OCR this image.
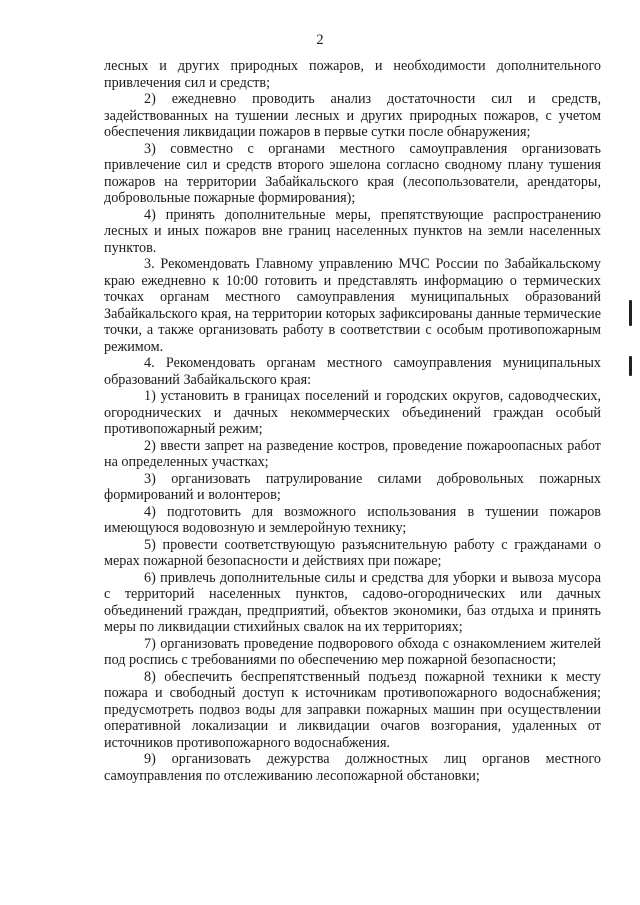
2

лесных и других природных пожаров, и необходимости дополнительного привлечения сил и средств;

2) ежедневно проводить анализ достаточности сил и средств, задействованных на тушении лесных и других природных пожаров, с учетом обеспечения ликвидации пожаров в первые сутки после обнаружения;

3) совместно с органами местного самоуправления организовать привлечение сил и средств второго эшелона согласно сводному плану тушения пожаров на территории Забайкальского края (лесопользователи, арендаторы, добровольные пожарные формирования);

4) принять дополнительные меры, препятствующие распространению лесных и иных пожаров вне границ населенных пунктов на земли населенных пунктов.

3. Рекомендовать Главному управлению МЧС России по Забайкальскому краю ежедневно к 10:00 готовить и представлять информацию о термических точках органам местного самоуправления муниципальных образований Забайкальского края, на территории которых зафиксированы данные термические точки, а также организовать работу в соответствии с особым противопожарным режимом.

4. Рекомендовать органам местного самоуправления муниципальных образований Забайкальского края:

1) установить в границах поселений и городских округов, садоводческих, огороднических и дачных некоммерческих объединений граждан особый противопожарный режим;

2) ввести запрет на разведение костров, проведение пожароопасных работ на определенных участках;

3) организовать патрулирование силами добровольных пожарных формирований и волонтеров;

4) подготовить для возможного использования в тушении пожаров имеющуюся водовозную и землеройную технику;

5) провести соответствующую разъяснительную работу с гражданами о мерах пожарной безопасности и действиях при пожаре;

6) привлечь дополнительные силы и средства для уборки и вывоза мусора с территорий населенных пунктов, садово-огороднических или дачных объединений граждан, предприятий, объектов экономики, баз отдыха и принять меры по ликвидации стихийных свалок на их территориях;

7) организовать проведение подворового обхода с ознакомлением жителей под роспись с требованиями по обеспечению мер пожарной безопасности;

8) обеспечить беспрепятственный подъезд пожарной техники к месту пожара и свободный доступ к источникам противопожарного водоснабжения; предусмотреть подвоз воды для заправки пожарных машин при осуществлении оперативной локализации и ликвидации очагов возгорания, удаленных от источников противопожарного водоснабжения.

9) организовать дежурства должностных лиц органов местного самоуправления по отслеживанию лесопожарной обстановки;
